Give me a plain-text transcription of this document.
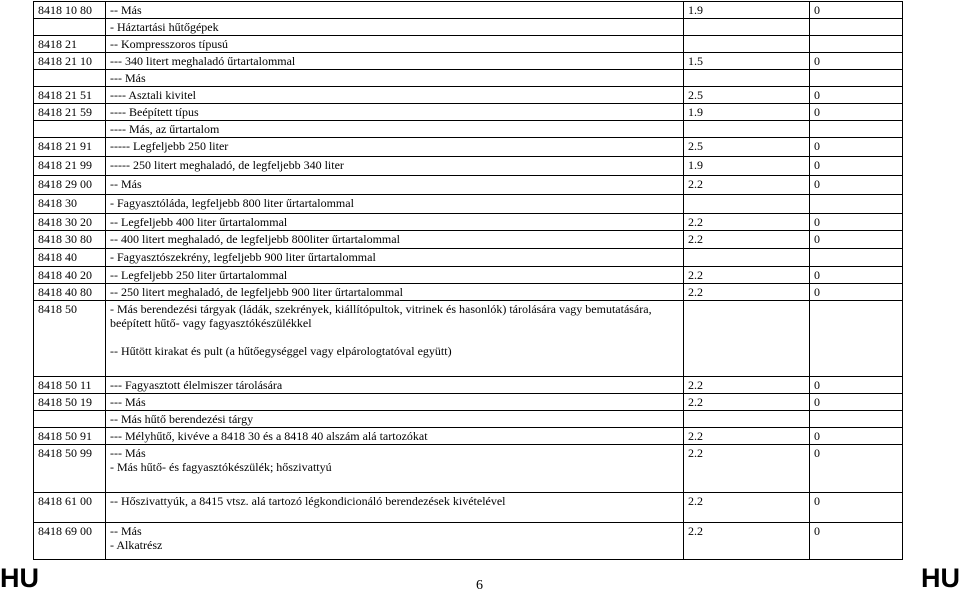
8418 10 80	-- Más	1.9	0

	- Háztartási hűtőgépek		

8418 21	-- Kompresszoros típusú		

8418 21 10	--- 340 litert meghaladó űrtartalommal	1.5	0

	--- Más		

8418 21 51	---- Asztali kivitel	2.5	0
8418 21 59	---- Beépített típus	1.9	0

	---- Más, az űrtartalom		

8418 21 91	----- Legfeljebb 250 liter	2.5	0
8418 21 99	----- 250 litert meghaladó, de legfeljebb 340 liter	1.9	0
8418 29 00	-- Más	2.2	0
8418 30	- Fagyasztóláda, legfeljebb 800 liter űrtartalommal		

8418 30 20	-- Legfeljebb 400 liter űrtartalommal	2.2	0
8418 30 80	-- 400 litert meghaladó, de legfeljebb 800liter űrtartalommal	2.2	0
8418 40	- Fagyasztószekrény, legfeljebb 900 liter űrtartalommal		

8418 40 20	-- Legfeljebb 250 liter űrtartalommal	2.2	0
8418 40 80	-- 250 litert meghaladó, de legfeljebb 900 liter űrtartalommal	2.2	0
8418 50	- Más berendezési tárgyak (ládák, szekrények, kiállítópultok, vitrinek és hasonlók) tárolására vagy bemutatására, beépített hűtő- vagy fagyasztókészülékkel
-- Hűtött kirakat és pult (a hűtőegységgel vagy elpárologtatóval együtt)		

8418 50 11	--- Fagyasztott élelmiszer tárolására	2.2	0
8418 50 19	--- Más	2.2	0

	-- Más hűtő berendezési tárgy		

8418 50 91	--- Mélyhűtő, kivéve a 8418 30 és a 8418 40 alszám alá tartozókat	2.2	0
8418 50 99	--- Más
- Más hűtő- és fagyasztókészülék; hőszivattyú	2.2	0
8418 61 00	-- Hőszivattyúk, a 8415 vtsz. alá tartozó légkondicionáló berendezések kivételével	2.2	0
8418 69 00	-- Más
- Alkatrész	2.2	0
HU	6	HU
